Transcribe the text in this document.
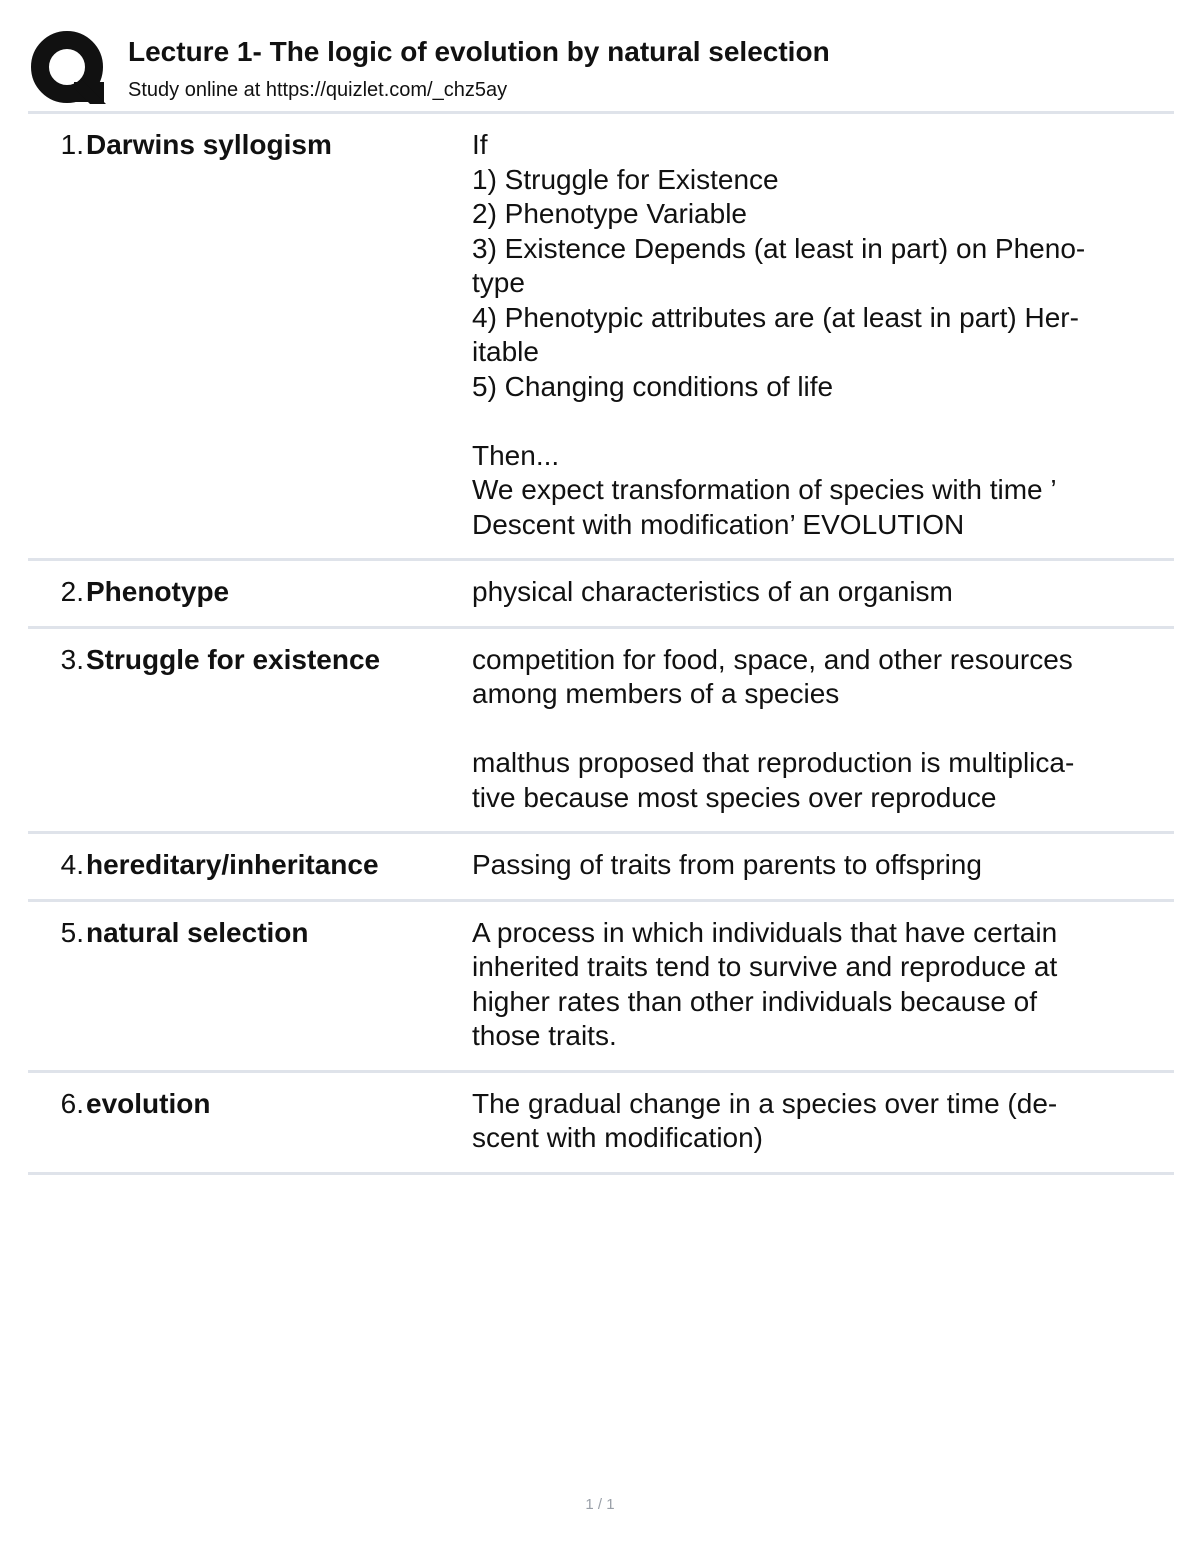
Lecture 1- The logic of evolution by natural selection
Study online at https://quizlet.com/_chz5ay
1. Darwins syllogism	If
1) Struggle for Existence
2) Phenotype Variable
3) Existence Depends (at least in part) on Pheno-
type
4) Phenotypic attributes are (at least in part) Her-
itable
5) Changing conditions of life

Then...
We expect transformation of species with time ’
Descent with modification’ EVOLUTION
2. Phenotype	physical characteristics of an organism
3. Struggle for existence	competition for food, space, and other resources
among members of a species

malthus proposed that reproduction is multiplica-
tive because most species over reproduce
4. hereditary/inheritance	Passing of traits from parents to offspring
5. natural selection	A process in which individuals that have certain
inherited traits tend to survive and reproduce at
higher rates than other individuals because of
those traits.
6. evolution	The gradual change in a species over time (de-
scent with modification)
1 / 1
